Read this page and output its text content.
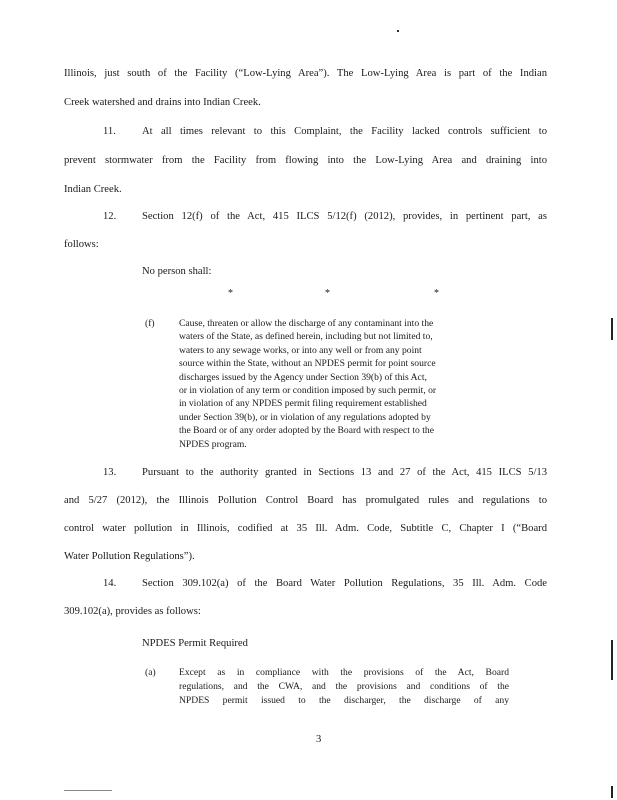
Illinois, just south of the Facility (“Low-Lying Area”). The Low-Lying Area is part of the Indian
Creek watershed and drains into Indian Creek.
11. At all times relevant to this Complaint, the Facility lacked controls sufficient to
prevent stormwater from the Facility from flowing into the Low-Lying Area and draining into
Indian Creek.
12. Section 12(f) of the Act, 415 ILCS 5/12(f) (2012), provides, in pertinent part, as
follows:
No person shall:
*	*	*
(f)	Cause, threaten or allow the discharge of any contaminant into the
waters of the State, as defined herein, including but not limited to,
waters to any sewage works, or into any well or from any point
source within the State, without an NPDES permit for point source
discharges issued by the Agency under Section 39(b) of this Act,
or in violation of any term or condition imposed by such permit, or
in violation of any NPDES permit filing requirement established
under Section 39(b), or in violation of any regulations adopted by
the Board or of any order adopted by the Board with respect to the
NPDES program.
13. Pursuant to the authority granted in Sections 13 and 27 of the Act, 415 ILCS 5/13
and 5/27 (2012), the Illinois Pollution Control Board has promulgated rules and regulations to
control water pollution in Illinois, codified at 35 Ill. Adm. Code, Subtitle C, Chapter I (“Board
Water Pollution Regulations”).
14. Section 309.102(a) of the Board Water Pollution Regulations, 35 Ill. Adm. Code
309.102(a), provides as follows:
NPDES Permit Required
(a) Except as in compliance with the provisions of the Act, Board
regulations, and the CWA, and the provisions and conditions of the
NPDES permit issued to the discharger, the discharge of any
3
